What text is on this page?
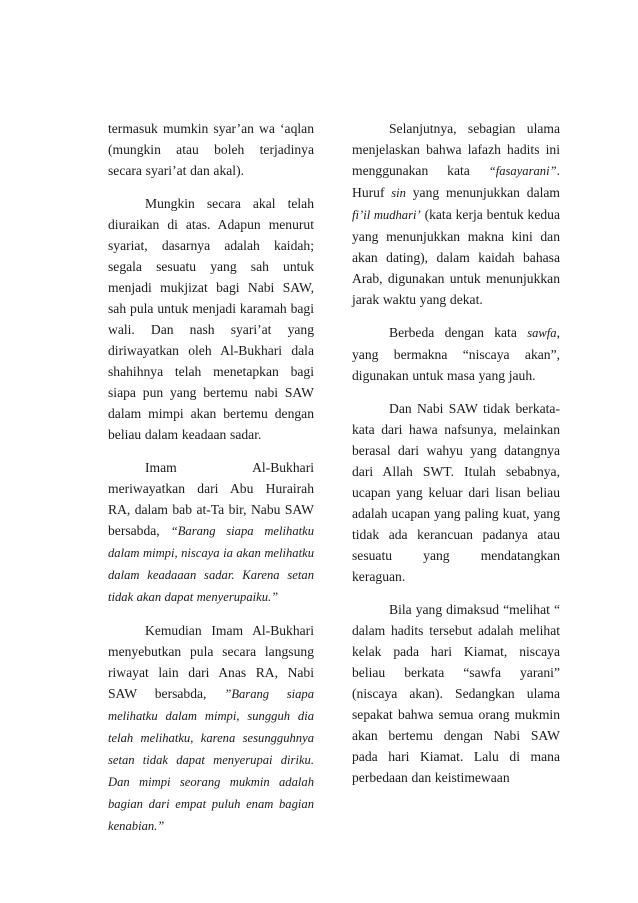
termasuk mumkin syar’an wa ‘aqlan (mungkin atau boleh terjadinya secara syari’at dan akal).

Mungkin secara akal telah diuraikan di atas. Adapun menurut syariat, dasarnya adalah kaidah; segala sesuatu yang sah untuk menjadi mukjizat bagi Nabi SAW, sah pula untuk menjadi karamah bagi wali. Dan nash syari’at yang diriwayatkan oleh Al-Bukhari dala shahihnya telah menetapkan bagi siapa pun yang bertemu nabi SAW dalam mimpi akan bertemu dengan beliau dalam keadaan sadar.

Imam Al-Bukhari meriwayatkan dari Abu Hurairah RA, dalam bab at-Ta bir, Nabu SAW bersabda, “Barang siapa melihatku dalam mimpi, niscaya ia akan melihatku dalam keadaaan sadar. Karena setan tidak akan dapat menyerupaiku.”

Kemudian Imam Al-Bukhari menyebutkan pula secara langsung riwayat lain dari Anas RA, Nabi SAW bersabda, ”Barang siapa melihatku dalam mimpi, sungguh dia telah melihatku, karena sesungguhnya setan tidak dapat menyerupai diriku. Dan mimpi seorang mukmin adalah bagian dari empat puluh enam bagian kenabian.”

Selanjutnya, sebagian ulama menjelaskan bahwa lafazh hadits ini menggunakan kata “fasayarani”. Huruf sin yang menunjukkan dalam fi’il mudhari’ (kata kerja bentuk kedua yang menunjukkan makna kini dan akan dating), dalam kaidah bahasa Arab, digunakan untuk menunjukkan jarak waktu yang dekat.

Berbeda dengan kata sawfa, yang bermakna “niscaya akan”, digunakan untuk masa yang jauh.

Dan Nabi SAW tidak berkata-kata dari hawa nafsunya, melainkan berasal dari wahyu yang datangnya dari Allah SWT. Itulah sebabnya, ucapan yang keluar dari lisan beliau adalah ucapan yang paling kuat, yang tidak ada kerancuan padanya atau sesuatu yang mendatangkan keraguan.

Bila yang dimaksud “melihat “ dalam hadits tersebut adalah melihat kelak pada hari Kiamat, niscaya beliau berkata “sawfa yarani” (niscaya akan). Sedangkan ulama sepakat bahwa semua orang mukmin akan bertemu dengan Nabi SAW pada hari Kiamat. Lalu di mana perbedaan dan keistimewaan
